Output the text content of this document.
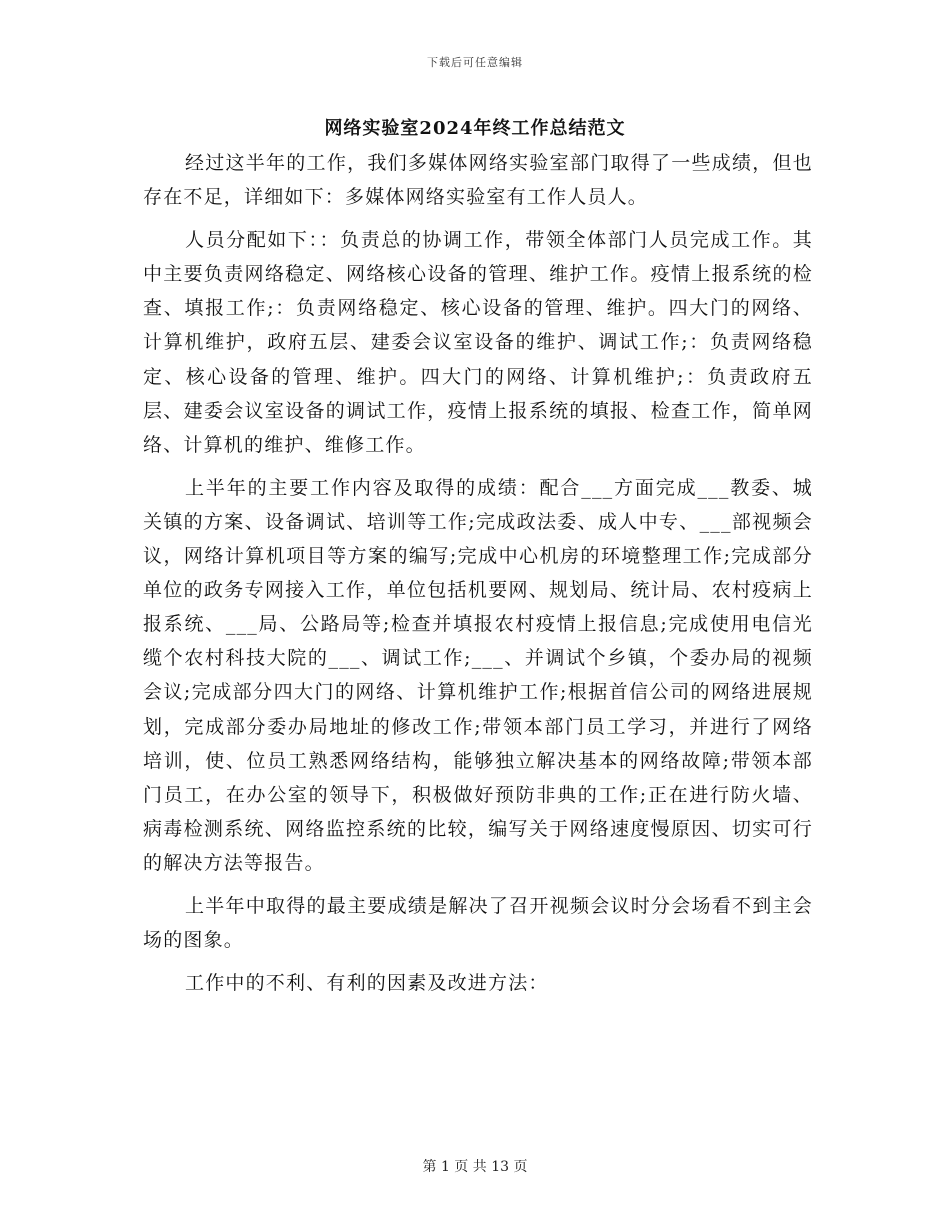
下载后可任意编辑
网络实验室2024年终工作总结范文

经过这半年的工作，我们多媒体网络实验室部门取得了一些成绩，但也存在不足，详细如下：多媒体网络实验室有工作人员人。

人员分配如下：：负责总的协调工作，带领全体部门人员完成工作。其中主要负责网络稳定、网络核心设备的管理、维护工作。疫情上报系统的检查、填报工作;：负责网络稳定、核心设备的管理、维护。四大门的网络、计算机维护，政府五层、建委会议室设备的维护、调试工作;：负责网络稳定、核心设备的管理、维护。四大门的网络、计算机维护;：负责政府五层、建委会议室设备的调试工作，疫情上报系统的填报、检查工作，简单网络、计算机的维护、维修工作。

上半年的主要工作内容及取得的成绩：配合___方面完成___教委、城关镇的方案、设备调试、培训等工作;完成政法委、成人中专、___部视频会议，网络计算机项目等方案的编写;完成中心机房的环境整理工作;完成部分单位的政务专网接入工作，单位包括机要网、规划局、统计局、农村疫病上报系统、___局、公路局等;检查并填报农村疫情上报信息;完成使用电信光缆个农村科技大院的___、调试工作;___、并调试个乡镇，个委办局的视频会议;完成部分四大门的网络、计算机维护工作;根据首信公司的网络进展规划，完成部分委办局地址的修改工作;带领本部门员工学习，并进行了网络培训，使、位员工熟悉网络结构，能够独立解决基本的网络故障;带领本部门员工，在办公室的领导下，积极做好预防非典的工作;正在进行防火墙、病毒检测系统、网络监控系统的比较，编写关于网络速度慢原因、切实可行的解决方法等报告。

上半年中取得的最主要成绩是解决了召开视频会议时分会场看不到主会场的图象。

工作中的不利、有利的因素及改进方法：

第 1 页 共 13 页
